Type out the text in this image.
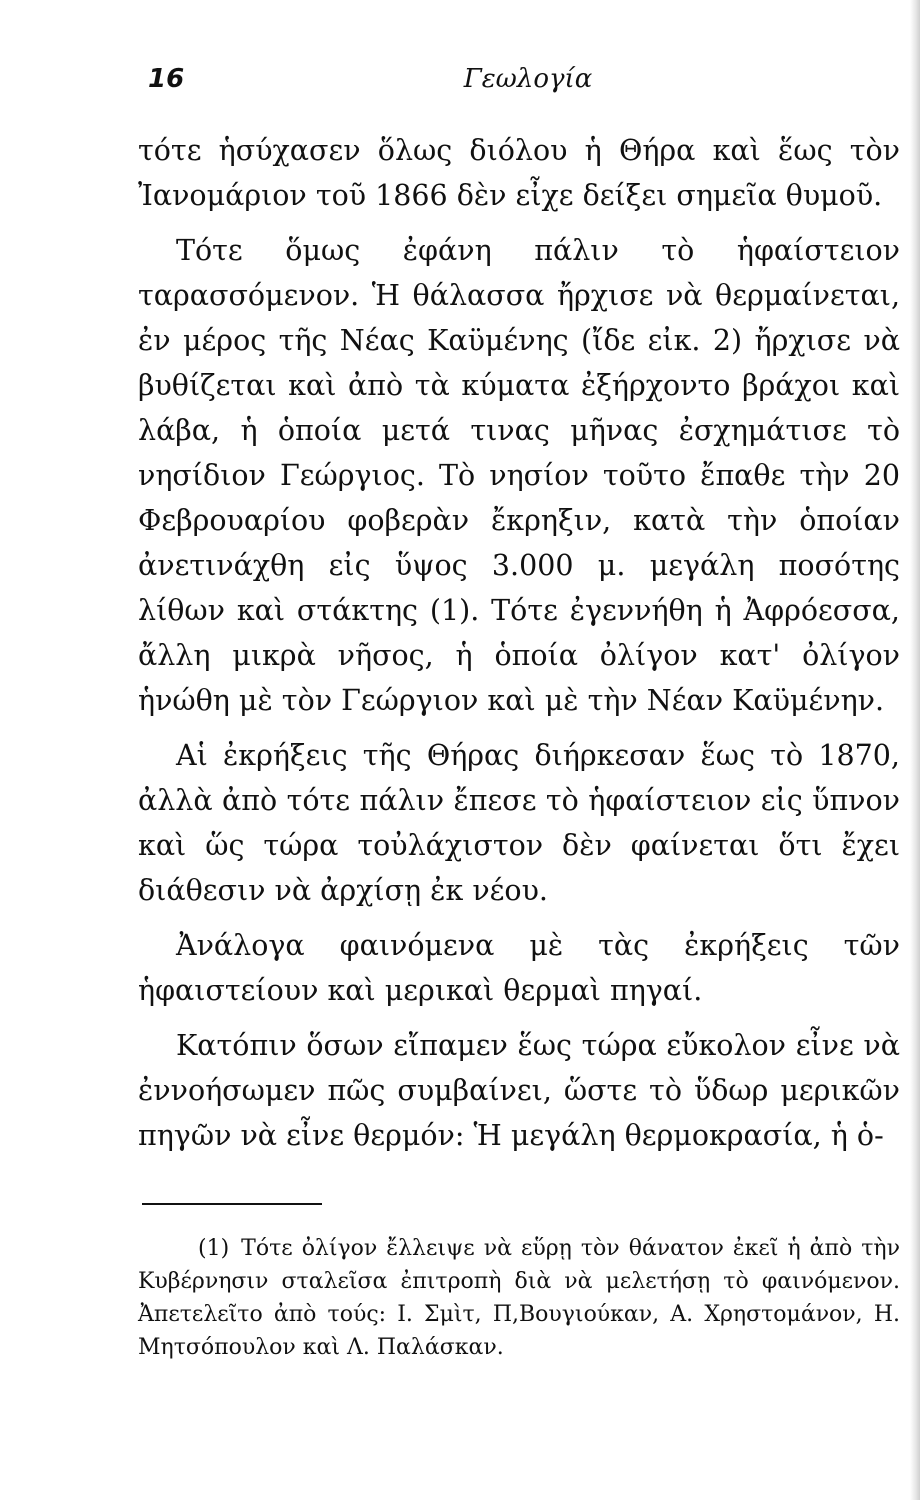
16	Γεωλογία

τότε ἡσύχασεν ὅλως διόλου ἡ Θήρα καὶ ἕως τὸν Ἰανομάριον τοῦ 1866 δὲν εἶχε δείξει σημεῖα θυμοῦ.

Τότε ὅμως ἐφάνη πάλιν τὸ ἡφαίστειον ταρασσόμενον. Ἡ θάλασσα ἤρχισε νὰ θερμαίνεται, ἐν μέρος τῆς Νέας Καϋμένης (ἴδε εἰκ. 2) ἤρχισε νὰ βυθίζεται καὶ ἀπὸ τὰ κύματα ἐξήρχοντο βράχοι καὶ λάβα, ἡ ὁποία μετά τινας μῆνας ἐσχημάτισε τὸ νησίδιον Γεώργιος. Τὸ νησίον τοῦτο ἔπαθε τὴν 20 Φεβρουαρίου φοβερὰν ἔκρηξιν, κατὰ τὴν ὁποίαν ἀνετινάχθη εἰς ὕψος 3.000 μ. μεγάλη ποσότης λίθων καὶ στάκτης (1). Τότε ἐγεννήθη ἡ Ἀφρόεσσα, ἄλλη μικρὰ νῆσος, ἡ ὁποία ὀλίγον κατ' ὀλίγον ἡνώθη μὲ τὸν Γεώργιον καὶ μὲ τὴν Νέαν Καϋμένην.

Αἱ ἐκρήξεις τῆς Θήρας διήρκεσαν ἕως τὸ 1870, ἀλλὰ ἀπὸ τότε πάλιν ἔπεσε τὸ ἡφαίστειον εἰς ὕπνον καὶ ὥς τώρα τοὐλάχιστον δὲν φαίνεται ὅτι ἔχει διάθεσιν νὰ ἀρχίσῃ ἐκ νέου.

Ἀνάλογα φαινόμενα μὲ τὰς ἐκρήξεις τῶν ἡφαιστείουν καὶ μερικαὶ θερμαὶ πηγαί.

Κατόπιν ὅσων εἴπαμεν ἕως τώρα εὔκολον εἶνε νὰ ἐννοήσωμεν πῶς συμβαίνει, ὥστε τὸ ὕδωρ μερικῶν πηγῶν νὰ εἶνε θερμόν: Ἡ μεγάλη θερμοκρασία, ἡ ὁ-

(1) Τότε ὀλίγον ἔλλειψε νὰ εὕρῃ τὸν θάνατον ἐκεῖ ἡ ἀπὸ τὴν Κυβέρνησιν σταλεῖσα ἐπιτροπὴ διὰ νὰ μελετήσῃ τὸ φαινόμενον. Ἀπετελεῖτο ἀπὸ τούς: Ι. Σμὶτ, Π,Βουγιούκαν, Α. Χρηστομάνον, Η. Μητσόπουλον καὶ Λ. Παλάσκαν.
